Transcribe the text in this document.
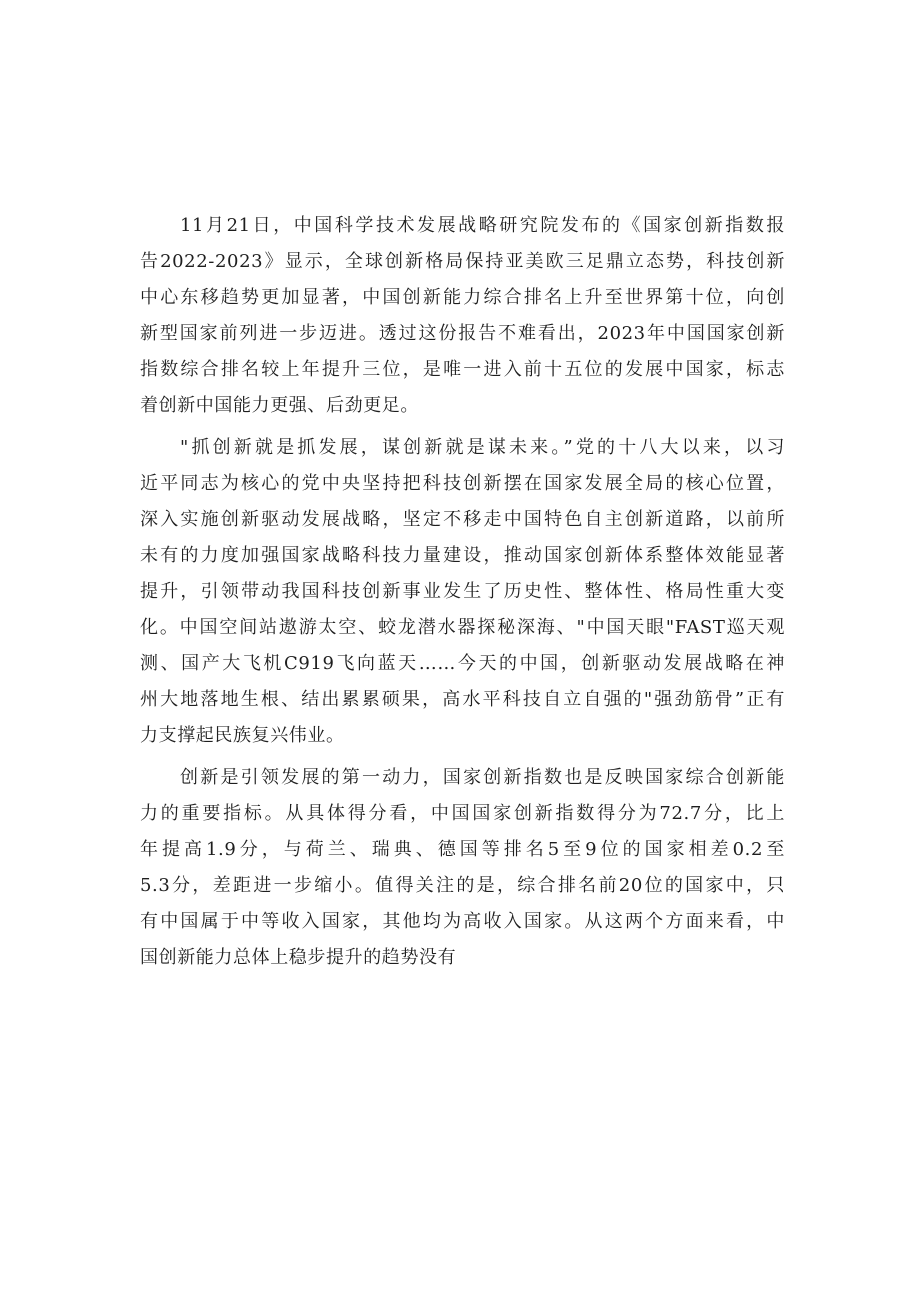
11月21日，中国科学技术发展战略研究院发布的《国家创新指数报
告2022-2023》显示，全球创新格局保持亚美欧三足鼎立态势，科技创新
中心东移趋势更加显著，中国创新能力综合排名上升至世界第十位，向创
新型国家前列进一步迈进。透过这份报告不难看出，2023年中国国家创新
指数综合排名较上年提升三位，是唯一进入前十五位的发展中国家，标志
着创新中国能力更强、后劲更足。
"抓创新就是抓发展，谋创新就是谋未来。”党的十八大以来，以习
近平同志为核心的党中央坚持把科技创新摆在国家发展全局的核心位置，
深入实施创新驱动发展战略，坚定不移走中国特色自主创新道路，以前所
未有的力度加强国家战略科技力量建设，推动国家创新体系整体效能显著
提升，引领带动我国科技创新事业发生了历史性、整体性、格局性重大变
化。中国空间站遨游太空、蛟龙潜水器探秘深海、"中国天眼"FAST巡天观
测、国产大飞机C919飞向蓝天……今天的中国，创新驱动发展战略在神
州大地落地生根、结出累累硕果，高水平科技自立自强的"强劲筋骨”正有
力支撑起民族复兴伟业。
创新是引领发展的第一动力，国家创新指数也是反映国家综合创新能
力的重要指标。从具体得分看，中国国家创新指数得分为72.7分，比上
年提高1.9分，与荷兰、瑞典、德国等排名5至9位的国家相差0.2至
5.3分，差距进一步缩小。值得关注的是，综合排名前20位的国家中，只
有中国属于中等收入国家，其他均为高收入国家。从这两个方面来看，中
国创新能力总体上稳步提升的趋势没有
